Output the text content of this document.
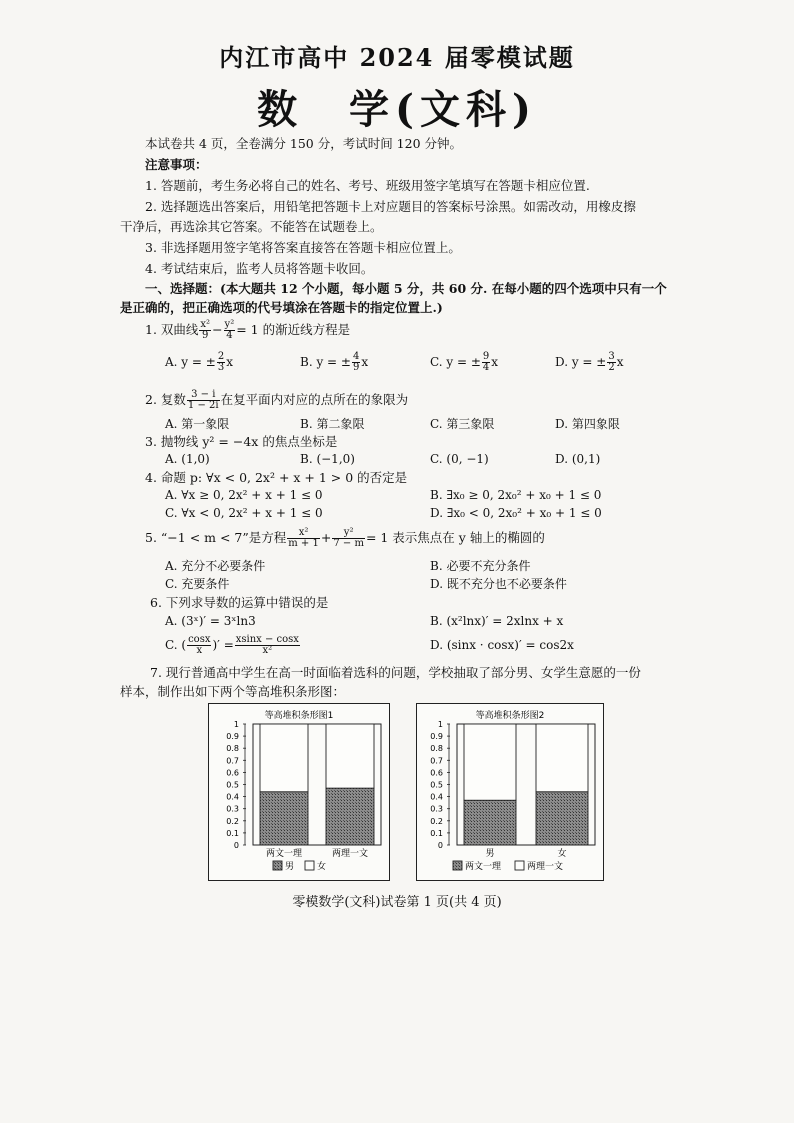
内江市高中 2024 届零模试题
数　学(文科)
本试卷共 4 页，全卷满分 150 分，考试时间 120 分钟。
注意事项：
1. 答题前，考生务必将自己的姓名、考号、班级用签字笔填写在答题卡相应位置.
2. 选择题选出答案后，用铅笔把答题卡上对应题目的答案标号涂黑。如需改动，用橡皮擦
干净后，再选涂其它答案。不能答在试题卷上。
3. 非选择题用签字笔将答案直接答在答题卡相应位置上。
4. 考试结束后，监考人员将答题卡收回。
一、选择题：(本大题共 12 个小题，每小题 5 分，共 60 分. 在每小题的四个选项中只有一个
是正确的，把正确选项的代号填涂在答题卡的指定位置上.)
1. 双曲线 $\frac{\text{x²}}{9} - \frac{\text{y²}}{4} = 1$ 的渐近线方程是
A. y = ± $\frac{2}{3}$ x	B. y = ± $\frac{4}{9}$ x	C. y = ± $\frac{9}{4}$ x	D. y = ± $\frac{3}{2}$ x
2. 复数 $\frac{3 - i}{1 - 2i}$ 在复平面内对应的点所在的象限为
A. 第一象限	B. 第二象限	C. 第三象限	D. 第四象限
3. 抛物线 y² = −4x 的焦点坐标是
A. (1,0)	B. (−1,0)	C. (0, −1)	D. (0,1)
4. 命题 p: ∀x < 0, 2x² + x + 1 > 0 的否定是
A. ∀x ≥ 0, 2x² + x + 1 ≤ 0	B. ∃x₀ ≥ 0, 2x₀² + x₀ + 1 ≤ 0
C. ∀x < 0, 2x² + x + 1 ≤ 0	D. ∃x₀ < 0, 2x₀² + x₀ + 1 ≤ 0
5. “−1 < m < 7”是方程 $\frac{\text{x²}}{m + 1} + \frac{\text{y²}}{7 - m} = 1$ 表示焦点在 y 轴上的椭圆的
A. 充分不必要条件	B. 必要不充分条件
C. 充要条件	D. 既不充分也不必要条件
6. 下列求导数的运算中错误的是
A. (3ˣ)′ = 3ˣln3	B. (x²lnx)′ = 2xlnx + x
C. ( $\frac{\cos x}{x}$ )′ = $\frac{xsinx - \cos x}{\text{x²}}$	D. (sinx · cosx)′ = cos2x
7. 现行普通高中学生在高一时面临着选科的问题，学校抽取了部分男、女学生意愿的一份
样本，制作出如下两个等高堆积条形图：
等高堆积条形图1
0
0.1
0.2
0.3
0.4
0.5
0.6
0.7
0.8
0.9
1
两文一理	两理一文
男	女
等高堆积条形图2
0
0.1
0.2
0.3
0.4
0.5
0.6
0.7
0.8
0.9
1
男	女
两文一理	两理一文
零模数学(文科)试卷第 1 页(共 4 页)
